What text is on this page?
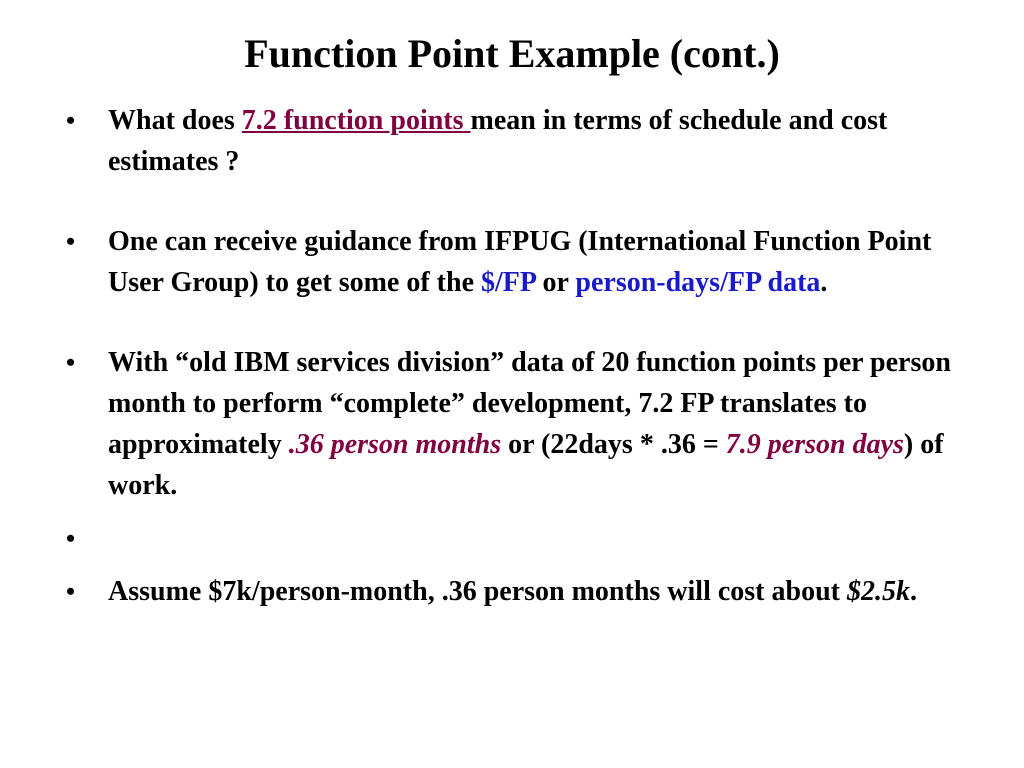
Function Point Example (cont.)
• What does 7.2 function points mean in terms of schedule and cost estimates ?
• One can receive guidance from IFPUG (International Function Point User Group) to get some of the $/FP or person-days/FP data.
• With “old IBM services division” data of 20 function points per person month to perform “complete” development, 7.2 FP translates to approximately .36 person months or (22days * .36 = 7.9 person days) of work.
•

• Assume $7k/person-month, .36 person months will cost about $2.5k.
